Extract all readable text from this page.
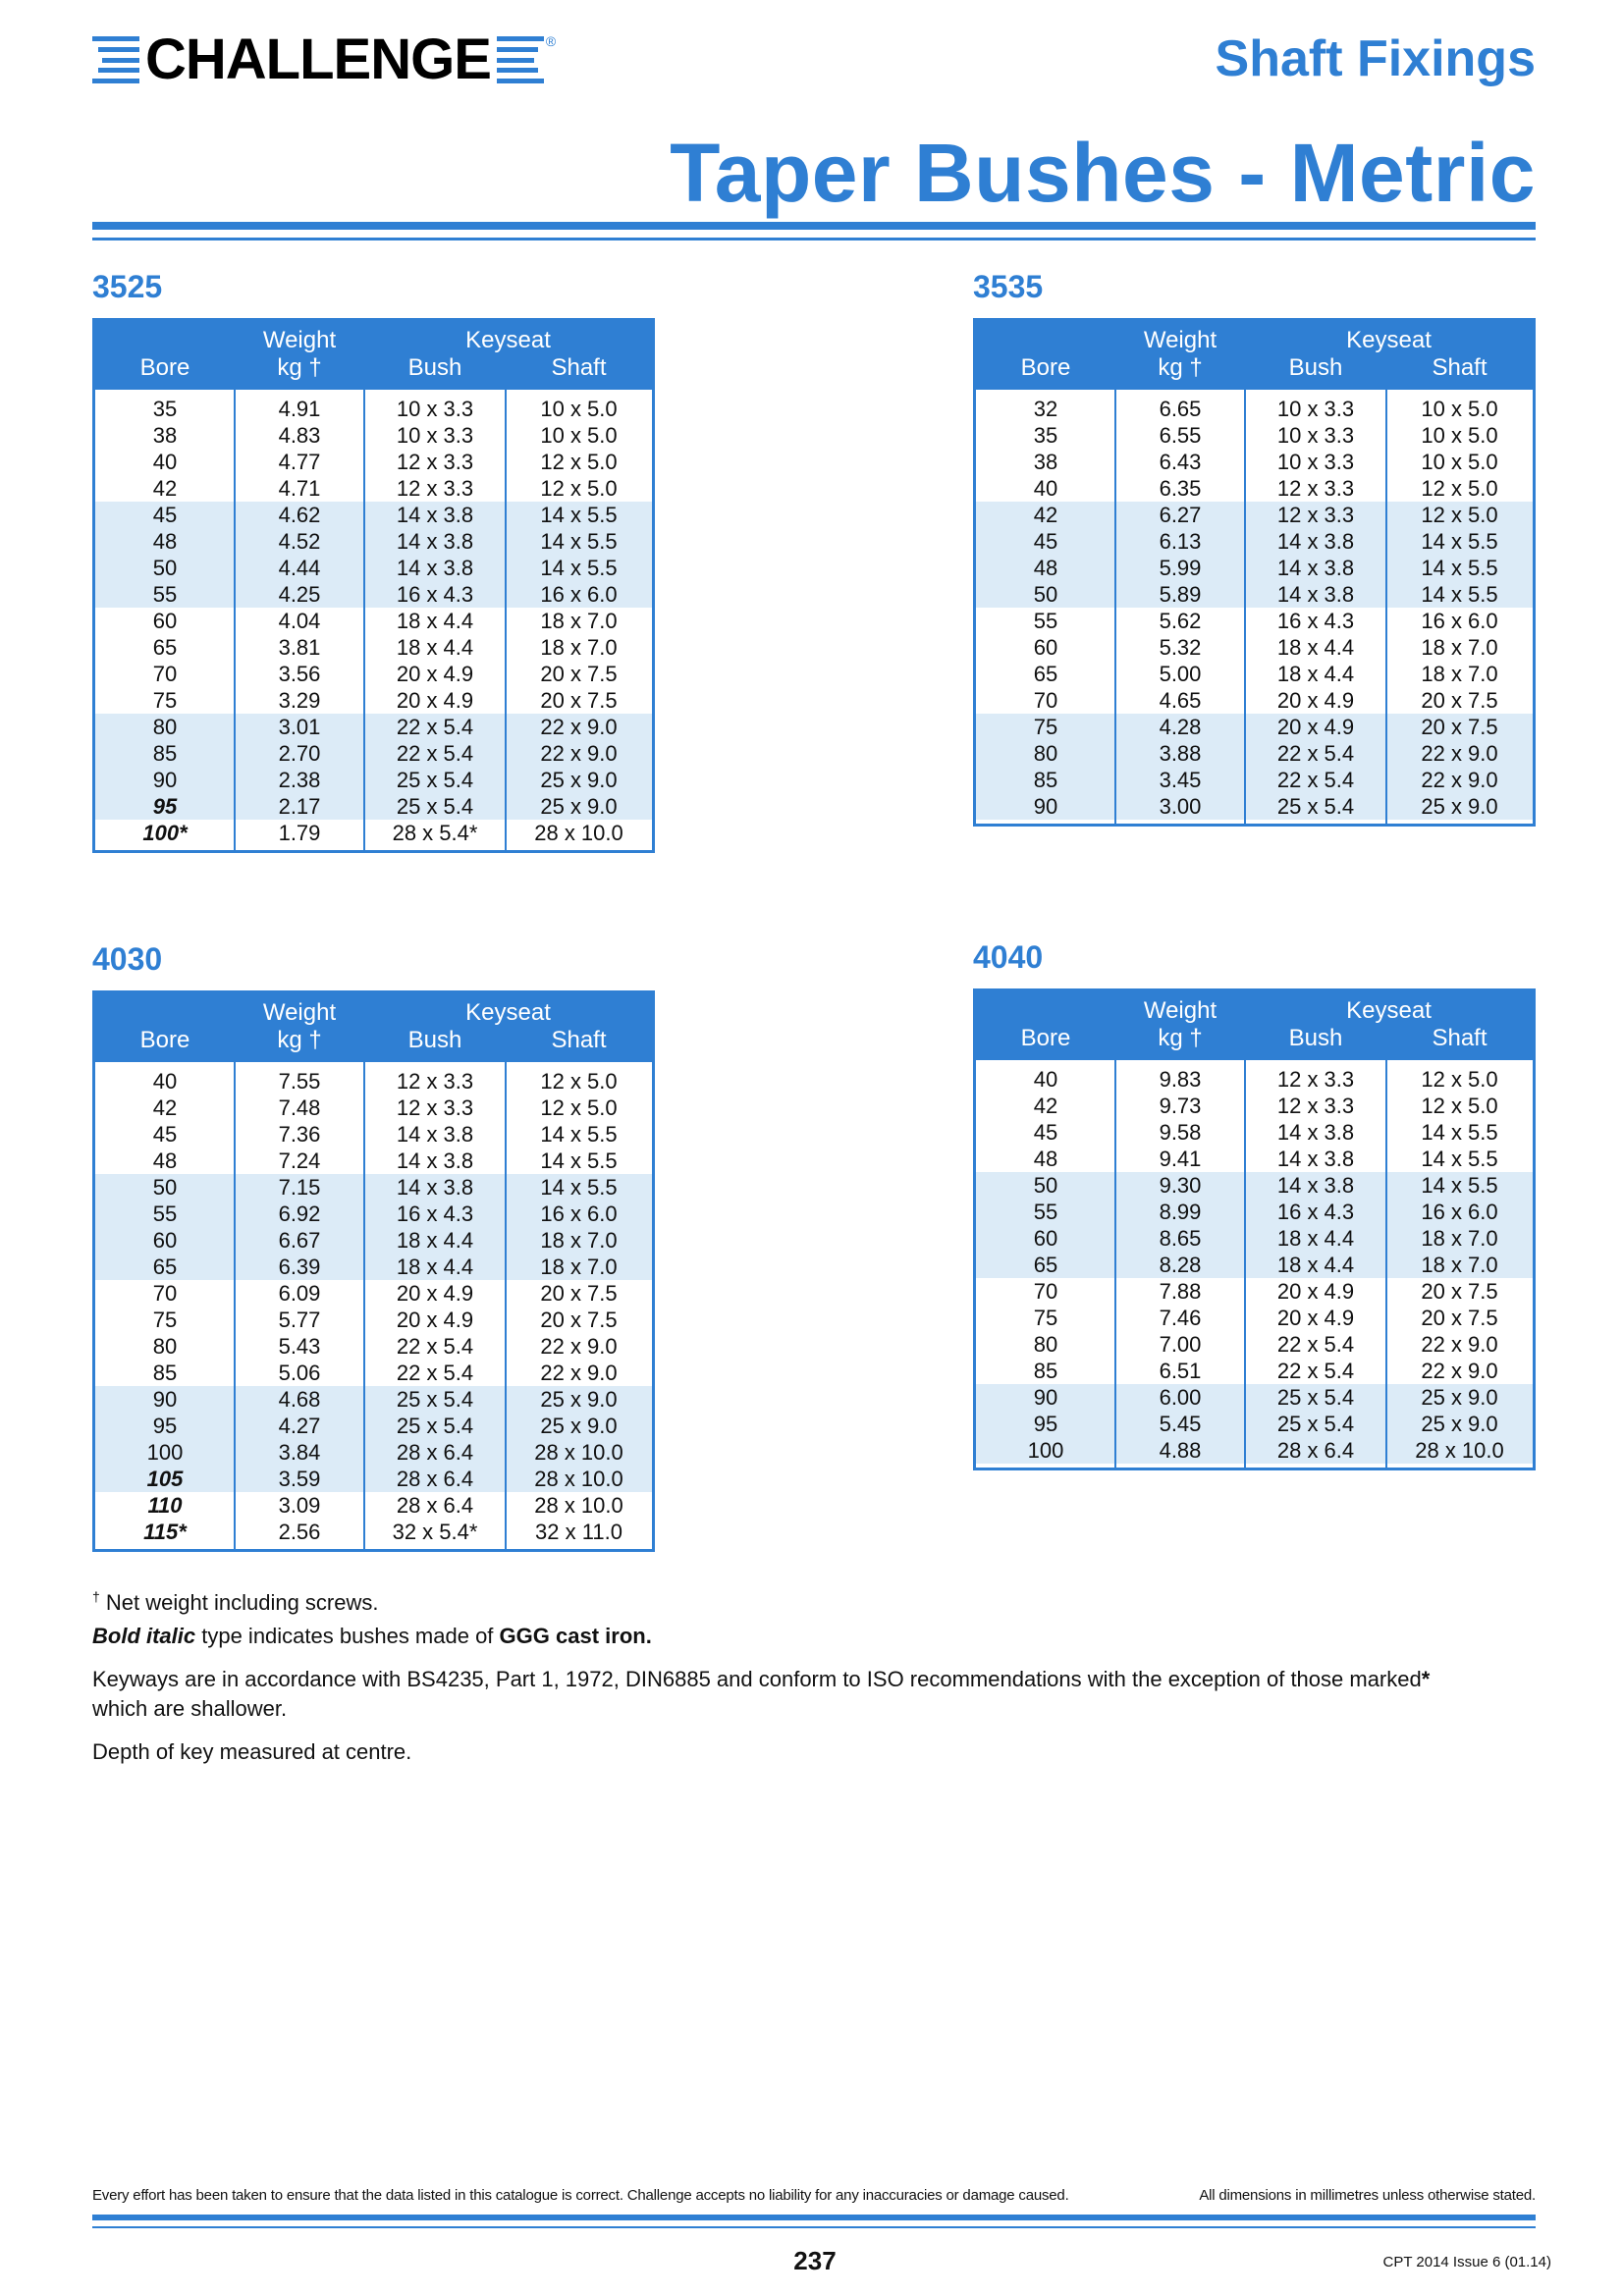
CHALLENGE	®	Shaft Fixings
Taper Bushes - Metric
3525
Weight	Keyseat
Bore	kg †	Bush	Shaft
35	4.91	10 x 3.3	10 x 5.0
38	4.83	10 x 3.3	10 x 5.0
40	4.77	12 x 3.3	12 x 5.0
42	4.71	12 x 3.3	12 x 5.0
45	4.62	14 x 3.8	14 x 5.5
48	4.52	14 x 3.8	14 x 5.5
50	4.44	14 x 3.8	14 x 5.5
55	4.25	16 x 4.3	16 x 6.0
60	4.04	18 x 4.4	18 x 7.0
65	3.81	18 x 4.4	18 x 7.0
70	3.56	20 x 4.9	20 x 7.5
75	3.29	20 x 4.9	20 x 7.5
80	3.01	22 x 5.4	22 x 9.0
85	2.70	22 x 5.4	22 x 9.0
90	2.38	25 x 5.4	25 x 9.0
95	2.17	25 x 5.4	25 x 9.0
100*	1.79	28 x 5.4*	28 x 10.0
3535
Weight	Keyseat
Bore	kg †	Bush	Shaft
32	6.65	10 x 3.3	10 x 5.0
35	6.55	10 x 3.3	10 x 5.0
38	6.43	10 x 3.3	10 x 5.0
40	6.35	12 x 3.3	12 x 5.0
42	6.27	12 x 3.3	12 x 5.0
45	6.13	14 x 3.8	14 x 5.5
48	5.99	14 x 3.8	14 x 5.5
50	5.89	14 x 3.8	14 x 5.5
55	5.62	16 x 4.3	16 x 6.0
60	5.32	18 x 4.4	18 x 7.0
65	5.00	18 x 4.4	18 x 7.0
70	4.65	20 x 4.9	20 x 7.5
75	4.28	20 x 4.9	20 x 7.5
80	3.88	22 x 5.4	22 x 9.0
85	3.45	22 x 5.4	22 x 9.0
90	3.00	25 x 5.4	25 x 9.0
4030
Weight	Keyseat
Bore	kg †	Bush	Shaft
40	7.55	12 x 3.3	12 x 5.0
42	7.48	12 x 3.3	12 x 5.0
45	7.36	14 x 3.8	14 x 5.5
48	7.24	14 x 3.8	14 x 5.5
50	7.15	14 x 3.8	14 x 5.5
55	6.92	16 x 4.3	16 x 6.0
60	6.67	18 x 4.4	18 x 7.0
65	6.39	18 x 4.4	18 x 7.0
70	6.09	20 x 4.9	20 x 7.5
75	5.77	20 x 4.9	20 x 7.5
80	5.43	22 x 5.4	22 x 9.0
85	5.06	22 x 5.4	22 x 9.0
90	4.68	25 x 5.4	25 x 9.0
95	4.27	25 x 5.4	25 x 9.0
100	3.84	28 x 6.4	28 x 10.0
105	3.59	28 x 6.4	28 x 10.0
110	3.09	28 x 6.4	28 x 10.0
115*	2.56	32 x 5.4*	32 x 11.0
4040
Weight	Keyseat
Bore	kg †	Bush	Shaft
40	9.83	12 x 3.3	12 x 5.0
42	9.73	12 x 3.3	12 x 5.0
45	9.58	14 x 3.8	14 x 5.5
48	9.41	14 x 3.8	14 x 5.5
50	9.30	14 x 3.8	14 x 5.5
55	8.99	16 x 4.3	16 x 6.0
60	8.65	18 x 4.4	18 x 7.0
65	8.28	18 x 4.4	18 x 7.0
70	7.88	20 x 4.9	20 x 7.5
75	7.46	20 x 4.9	20 x 7.5
80	7.00	22 x 5.4	22 x 9.0
85	6.51	22 x 5.4	22 x 9.0
90	6.00	25 x 5.4	25 x 9.0
95	5.45	25 x 5.4	25 x 9.0
100	4.88	28 x 6.4	28 x 10.0

† Net weight including screws.

Bold italic type indicates bushes made of GGG cast iron.

Keyways are in accordance with BS4235, Part 1, 1972, DIN6885 and conform to ISO recommendations with the exception of those marked*
which are shallower.

Depth of key measured at centre.

Every effort has been taken to ensure that the data listed in this catalogue is correct. Challenge accepts no liability for any inaccuracies or damage caused.	All dimensions in millimetres unless otherwise stated.
237	CPT 2014 Issue 6 (01.14)
